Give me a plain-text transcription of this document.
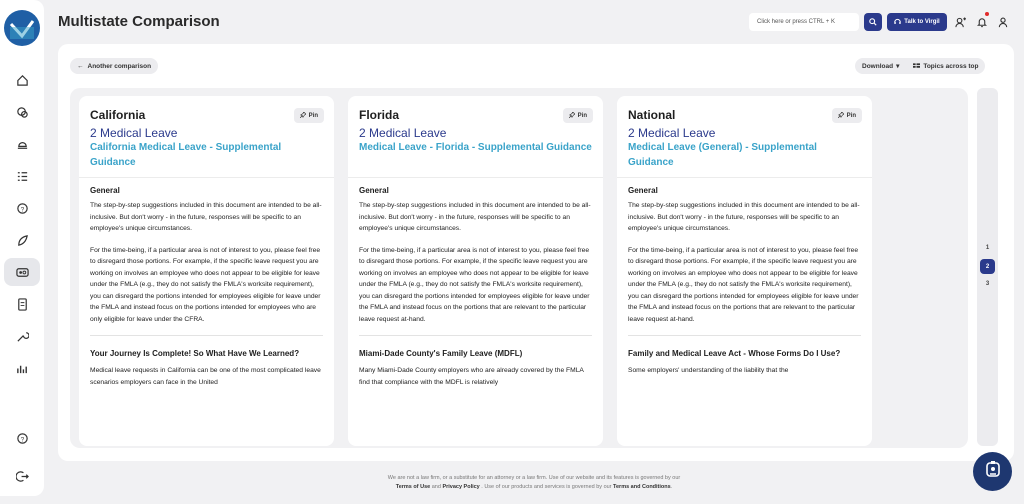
?
?
Multistate Comparison	Click here or press CTRL + K	Talk to Virgil
← Another comparison	Download ▾	Topics across top
California	Pin
2 Medical Leave
California Medical Leave - Supplemental Guidance
General
The step-by-step suggestions included in this document are intended to be all-inclusive. But don't worry - in the future, responses will be specific to an employee's unique circumstances.
For the time-being, if a particular area is not of interest to you, please feel free to disregard those portions. For example, if the specific leave request you are working on involves an employee who does not appear to be eligible for leave under the FMLA (e.g., they do not satisfy the FMLA's worksite requirement), you can disregard the portions intended for employees eligible for leave under the FMLA and instead focus on the portions intended for employees who are only eligible for leave under the CFRA.
Your Journey Is Complete! So What Have We Learned?
Medical leave requests in California can be one of the most complicated leave scenarios employers can face in the United
Florida	Pin
2 Medical Leave
Medical Leave - Florida - Supplemental Guidance
General
The step-by-step suggestions included in this document are intended to be all-inclusive. But don't worry - in the future, responses will be specific to an employee's unique circumstances.
For the time-being, if a particular area is not of interest to you, please feel free to disregard those portions. For example, if the specific leave request you are working on involves an employee who does not appear to be eligible for leave under the FMLA (e.g., they do not satisfy the FMLA's worksite requirement), you can disregard the portions intended for employees eligible for leave under the FMLA and instead focus on the portions that are relevant to the particular leave request at-hand.
Miami-Dade County's Family Leave (MDFL)
Many Miami-Dade County employers who are already covered by the FMLA find that compliance with the MDFL is relatively
National	Pin
2 Medical Leave
Medical Leave (General) - Supplemental Guidance
General
The step-by-step suggestions included in this document are intended to be all-inclusive. But don't worry - in the future, responses will be specific to an employee's unique circumstances.
For the time-being, if a particular area is not of interest to you, please feel free to disregard those portions. For example, if the specific leave request you are working on involves an employee who does not appear to be eligible for leave under the FMLA (e.g., they do not satisfy the FMLA's worksite requirement), you can disregard the portions intended for employees eligible for leave under the FMLA and instead focus on the portions that are relevant to the particular leave request at-hand.
Family and Medical Leave Act - Whose Forms Do I Use?
Some employers' understanding of the liability that the
1
2
3
We are not a law firm, or a substitute for an attorney or a law firm. Use of our website and its features is governed by our
Terms of Use and Privacy Policy . Use of our products and services is governed by our Terms and Conditions.
